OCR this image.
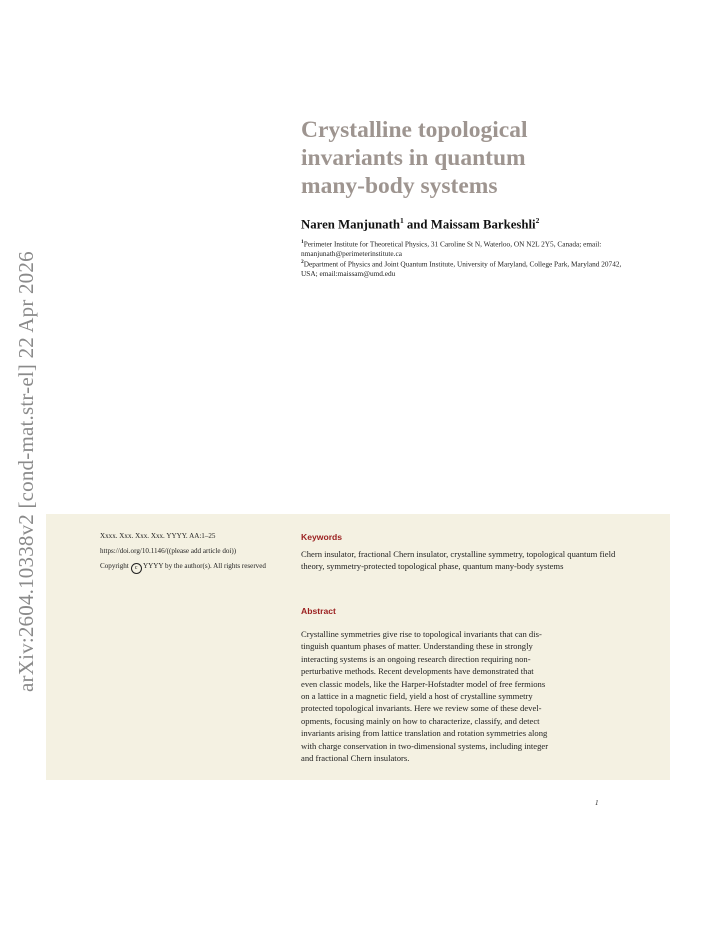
arXiv:2604.10338v2 [cond-mat.str-el] 22 Apr 2026
Crystalline topological
invariants in quantum
many-body systems

Naren Manjunath$^1$ and Maissam Barkeshli$^2$

$^1$Perimeter Institute for Theoretical Physics, 31 Caroline St N, Waterloo, ON N2L 2Y5, Canada; email: nmanjunath@perimeterinstitute.ca

$^2$Department of Physics and Joint Quantum Institute, University of Maryland, College Park, Maryland 20742, USA; email:maissam@umd.edu

Xxxx. Xxx. Xxx. Xxx. YYYY. AA:1–25

https://doi.org/10.1146/((please add article doi))

Copyright c YYYY by the author(s). All rights reserved

Keywords

Chern insulator, fractional Chern insulator, crystalline symmetry, topological quantum field theory, symmetry-protected topological phase, quantum many-body systems

Abstract
Crystalline symmetries give rise to topological invariants that can dis-
tinguish quantum phases of matter. Understanding these in strongly
interacting systems is an ongoing research direction requiring non-
perturbative methods. Recent developments have demonstrated that
even classic models, like the Harper-Hofstadter model of free fermions
on a lattice in a magnetic field, yield a host of crystalline symmetry
protected topological invariants. Here we review some of these devel-
opments, focusing mainly on how to characterize, classify, and detect
invariants arising from lattice translation and rotation symmetries along
with charge conservation in two-dimensional systems, including integer
and fractional Chern insulators.
1
